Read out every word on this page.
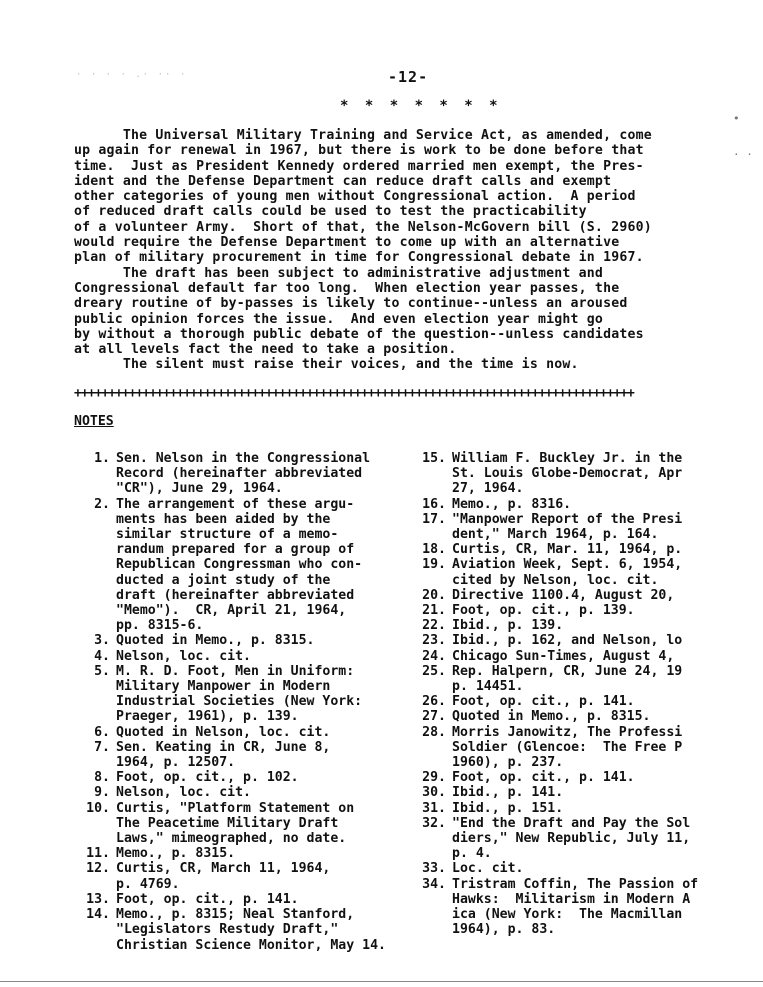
· · · · .· ·· ·	-12-
* * * * * * *
The Universal Military Training and Service Act, as amended, come
up again for renewal in 1967, but there is work to be done before that
time.  Just as President Kennedy ordered married men exempt, the Pres-
ident and the Defense Department can reduce draft calls and exempt
other categories of young men without Congressional action.  A period
of reduced draft calls could be used to test the practicability
of a volunteer Army.  Short of that, the Nelson-McGovern bill (S. 2960)
would require the Defense Department to come up with an alternative
plan of military procurement in time for Congressional debate in 1967.
The draft has been subject to administrative adjustment and
Congressional default far too long.  When election year passes, the
dreary routine of by-passes is likely to continue--unless an aroused
public opinion forces the issue.  And even election year might go
by without a thorough public debate of the question--unless candidates
at all levels fact the need to take a position.
The silent must raise their voices, and the time is now.
++++++++++++++++++++++++++++++++++++++++++++++++++++++++++++++++++++++++++++++++++
NOTES
1. Sen. Nelson in the Congressional
Record (hereinafter abbreviated
"CR"), June 29, 1964.
2. The arrangement of these argu-
ments has been aided by the
similar structure of a memo-
randum prepared for a group of
Republican Congressman who con-
ducted a joint study of the
draft (hereinafter abbreviated
"Memo").  CR, April 21, 1964,
pp. 8315-6.
3. Quoted in Memo., p. 8315.
4. Nelson, loc. cit.
5. M. R. D. Foot, Men in Uniform:
Military Manpower in Modern
Industrial Societies (New York:
Praeger, 1961), p. 139.
6. Quoted in Nelson, loc. cit.
7. Sen. Keating in CR, June 8,
1964, p. 12507.
8. Foot, op. cit., p. 102.
9. Nelson, loc. cit.
10. Curtis, "Platform Statement on
The Peacetime Military Draft
Laws," mimeographed, no date.
11. Memo., p. 8315.
12. Curtis, CR, March 11, 1964,
p. 4769.
13. Foot, op. cit., p. 141.
14. Memo., p. 8315; Neal Stanford,
"Legislators Restudy Draft,"
Christian Science Monitor, May 14.
15. William F. Buckley Jr. in the
St. Louis Globe-Democrat, Apr
27, 1964.
16. Memo., p. 8316.
17. "Manpower Report of the Presi
dent," March 1964, p. 164.
18. Curtis, CR, Mar. 11, 1964, p.
19. Aviation Week, Sept. 6, 1954,
cited by Nelson, loc. cit.
20. Directive 1100.4, August 20,
21. Foot, op. cit., p. 139.
22. Ibid., p. 139.
23. Ibid., p. 162, and Nelson, lo
24. Chicago Sun-Times, August 4,
25. Rep. Halpern, CR, June 24, 19
p. 14451.
26. Foot, op. cit., p. 141.
27. Quoted in Memo., p. 8315.
28. Morris Janowitz, The Professi
Soldier (Glencoe:  The Free P
1960), p. 237.
29. Foot, op. cit., p. 141.
30. Ibid., p. 141.
31. Ibid., p. 151.
32. "End the Draft and Pay the Sol
diers," New Republic, July 11,
p. 4.
33. Loc. cit.
34. Tristram Coffin, The Passion of
Hawks:  Militarism in Modern A
ica (New York:  The Macmillan
1964), p. 83.
•
· ·
